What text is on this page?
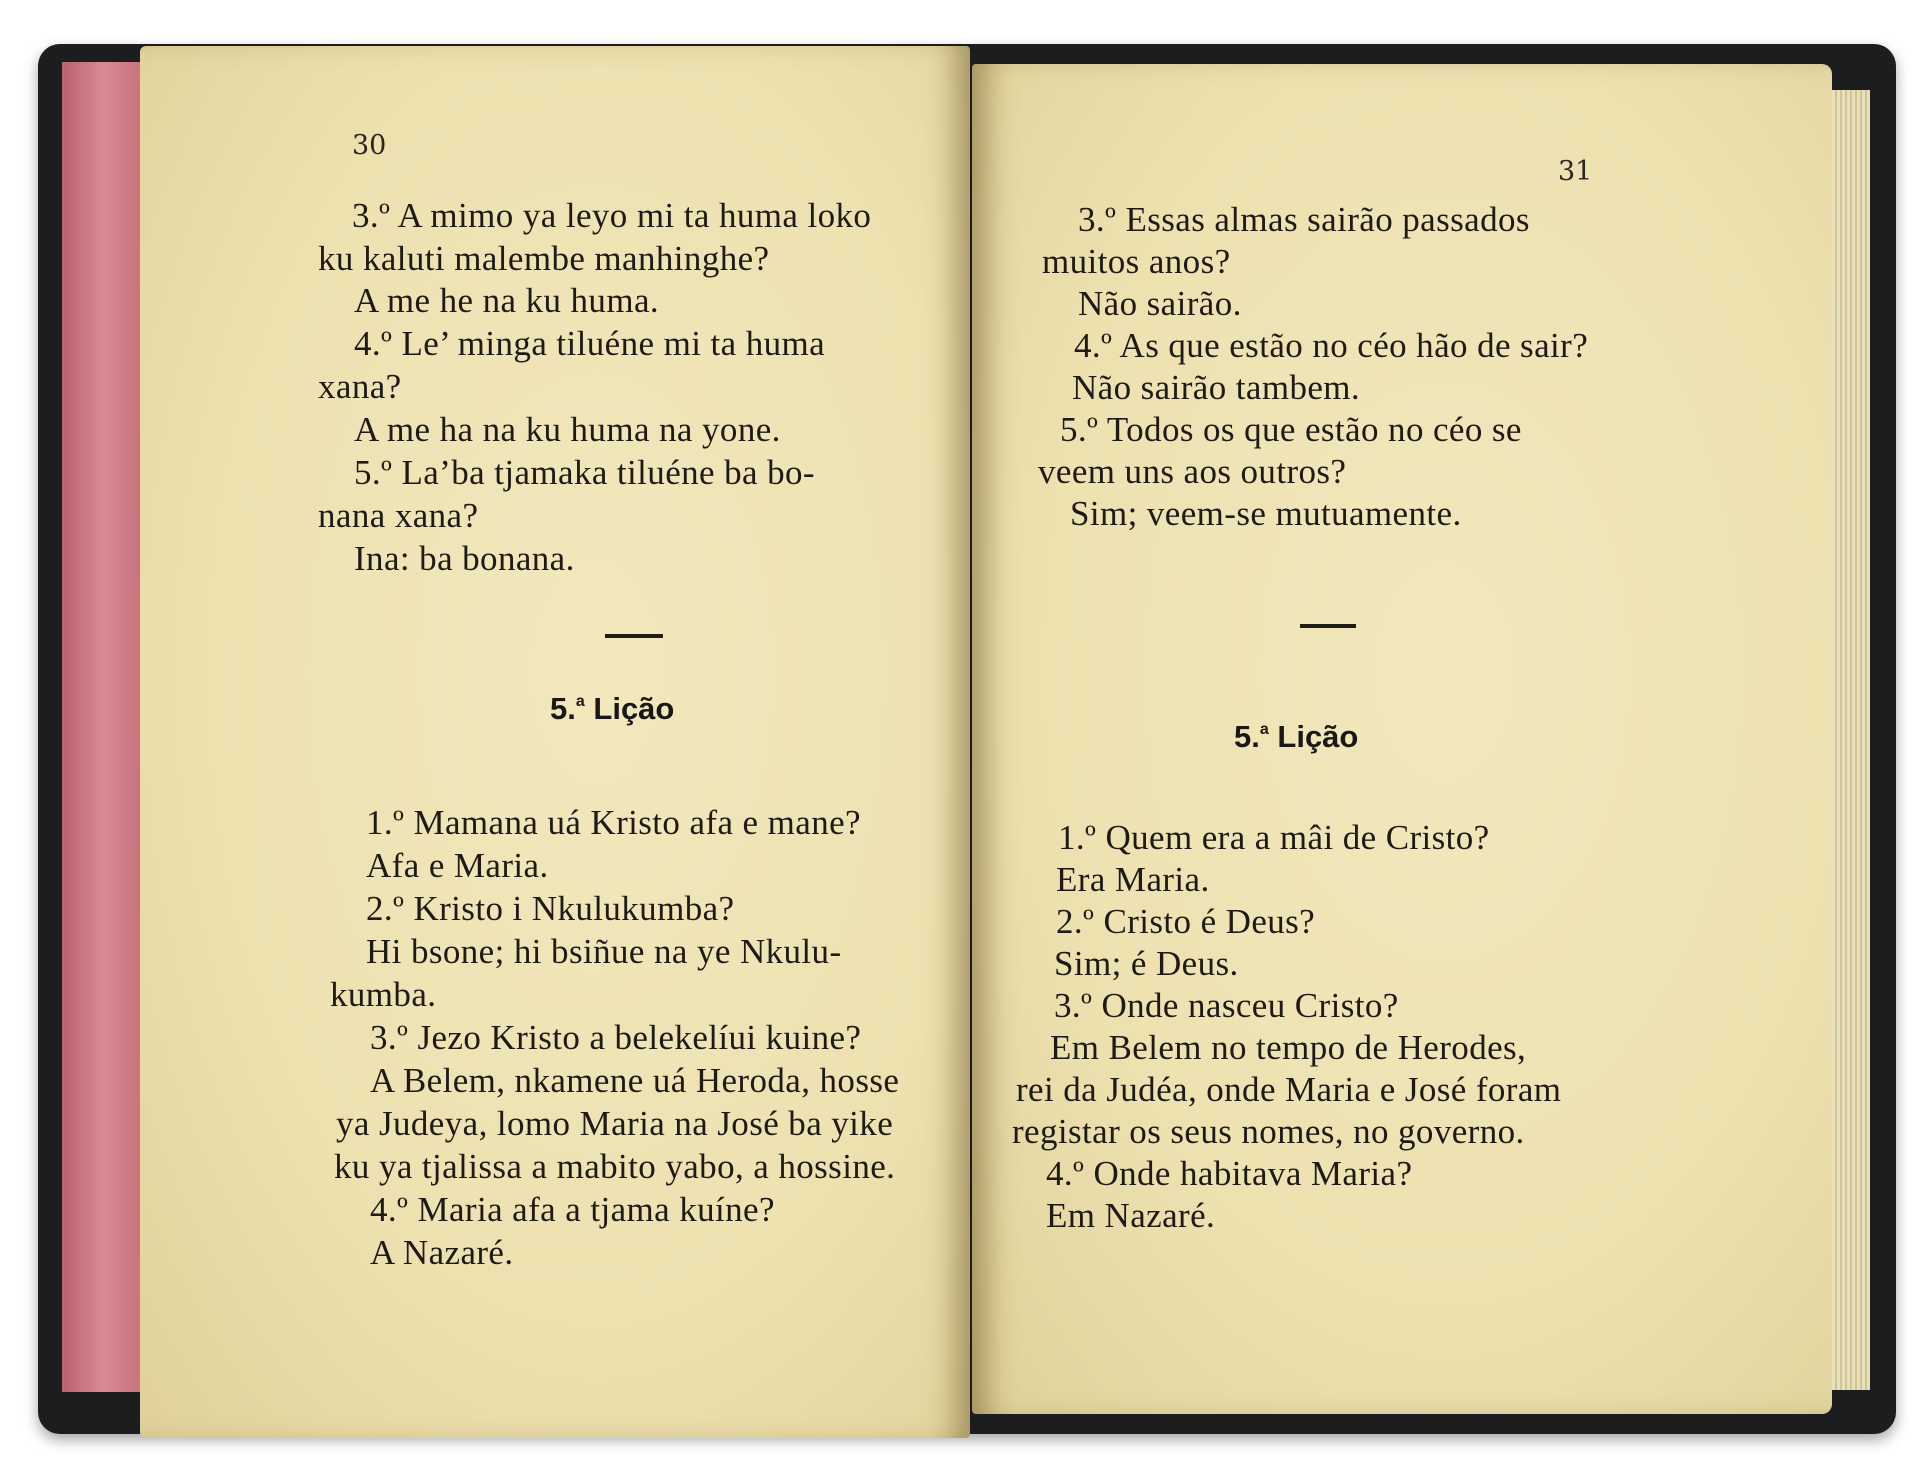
30
3.º A mimo ya leyo mi ta huma loko
ku kaluti malembe manhinghe?
A me he na ku huma.
4.º Le’ minga tiluéne mi ta huma
xana?
A me ha na ku huma na yone.
5.º La’ba tjamaka tiluéne ba bo-
nana xana?
Ina: ba bonana.
5.$^a$ Lição
1.º Mamana uá Kristo afa e mane?
Afa e Maria.
2.º Kristo i Nkulukumba?
Hi bsone; hi bsiñue na ye Nkulu-
kumba.
3.º Jezo Kristo a belekelíui kuine?
A Belem, nkamene uá Heroda, hosse
ya Judeya, lomo Maria na José ba yike
ku ya tjalissa a mabito yabo, a hossine.
4.º Maria afa a tjama kuíne?
A Nazaré.
31
3.º Essas almas sairão passados
muitos anos?
Não sairão.
4.º As que estão no céo hão de sair?
Não sairão tambem.
5.º Todos os que estão no céo se
veem uns aos outros?
Sim; veem-se mutuamente.
5.$^a$ Lição
1.º Quem era a mâi de Cristo?
Era Maria.
2.º Cristo é Deus?
Sim; é Deus.
3.º Onde nasceu Cristo?
Em Belem no tempo de Herodes,
rei da Judéa, onde Maria e José foram
registar os seus nomes, no governo.
4.º Onde habitava Maria?
Em Nazaré.
